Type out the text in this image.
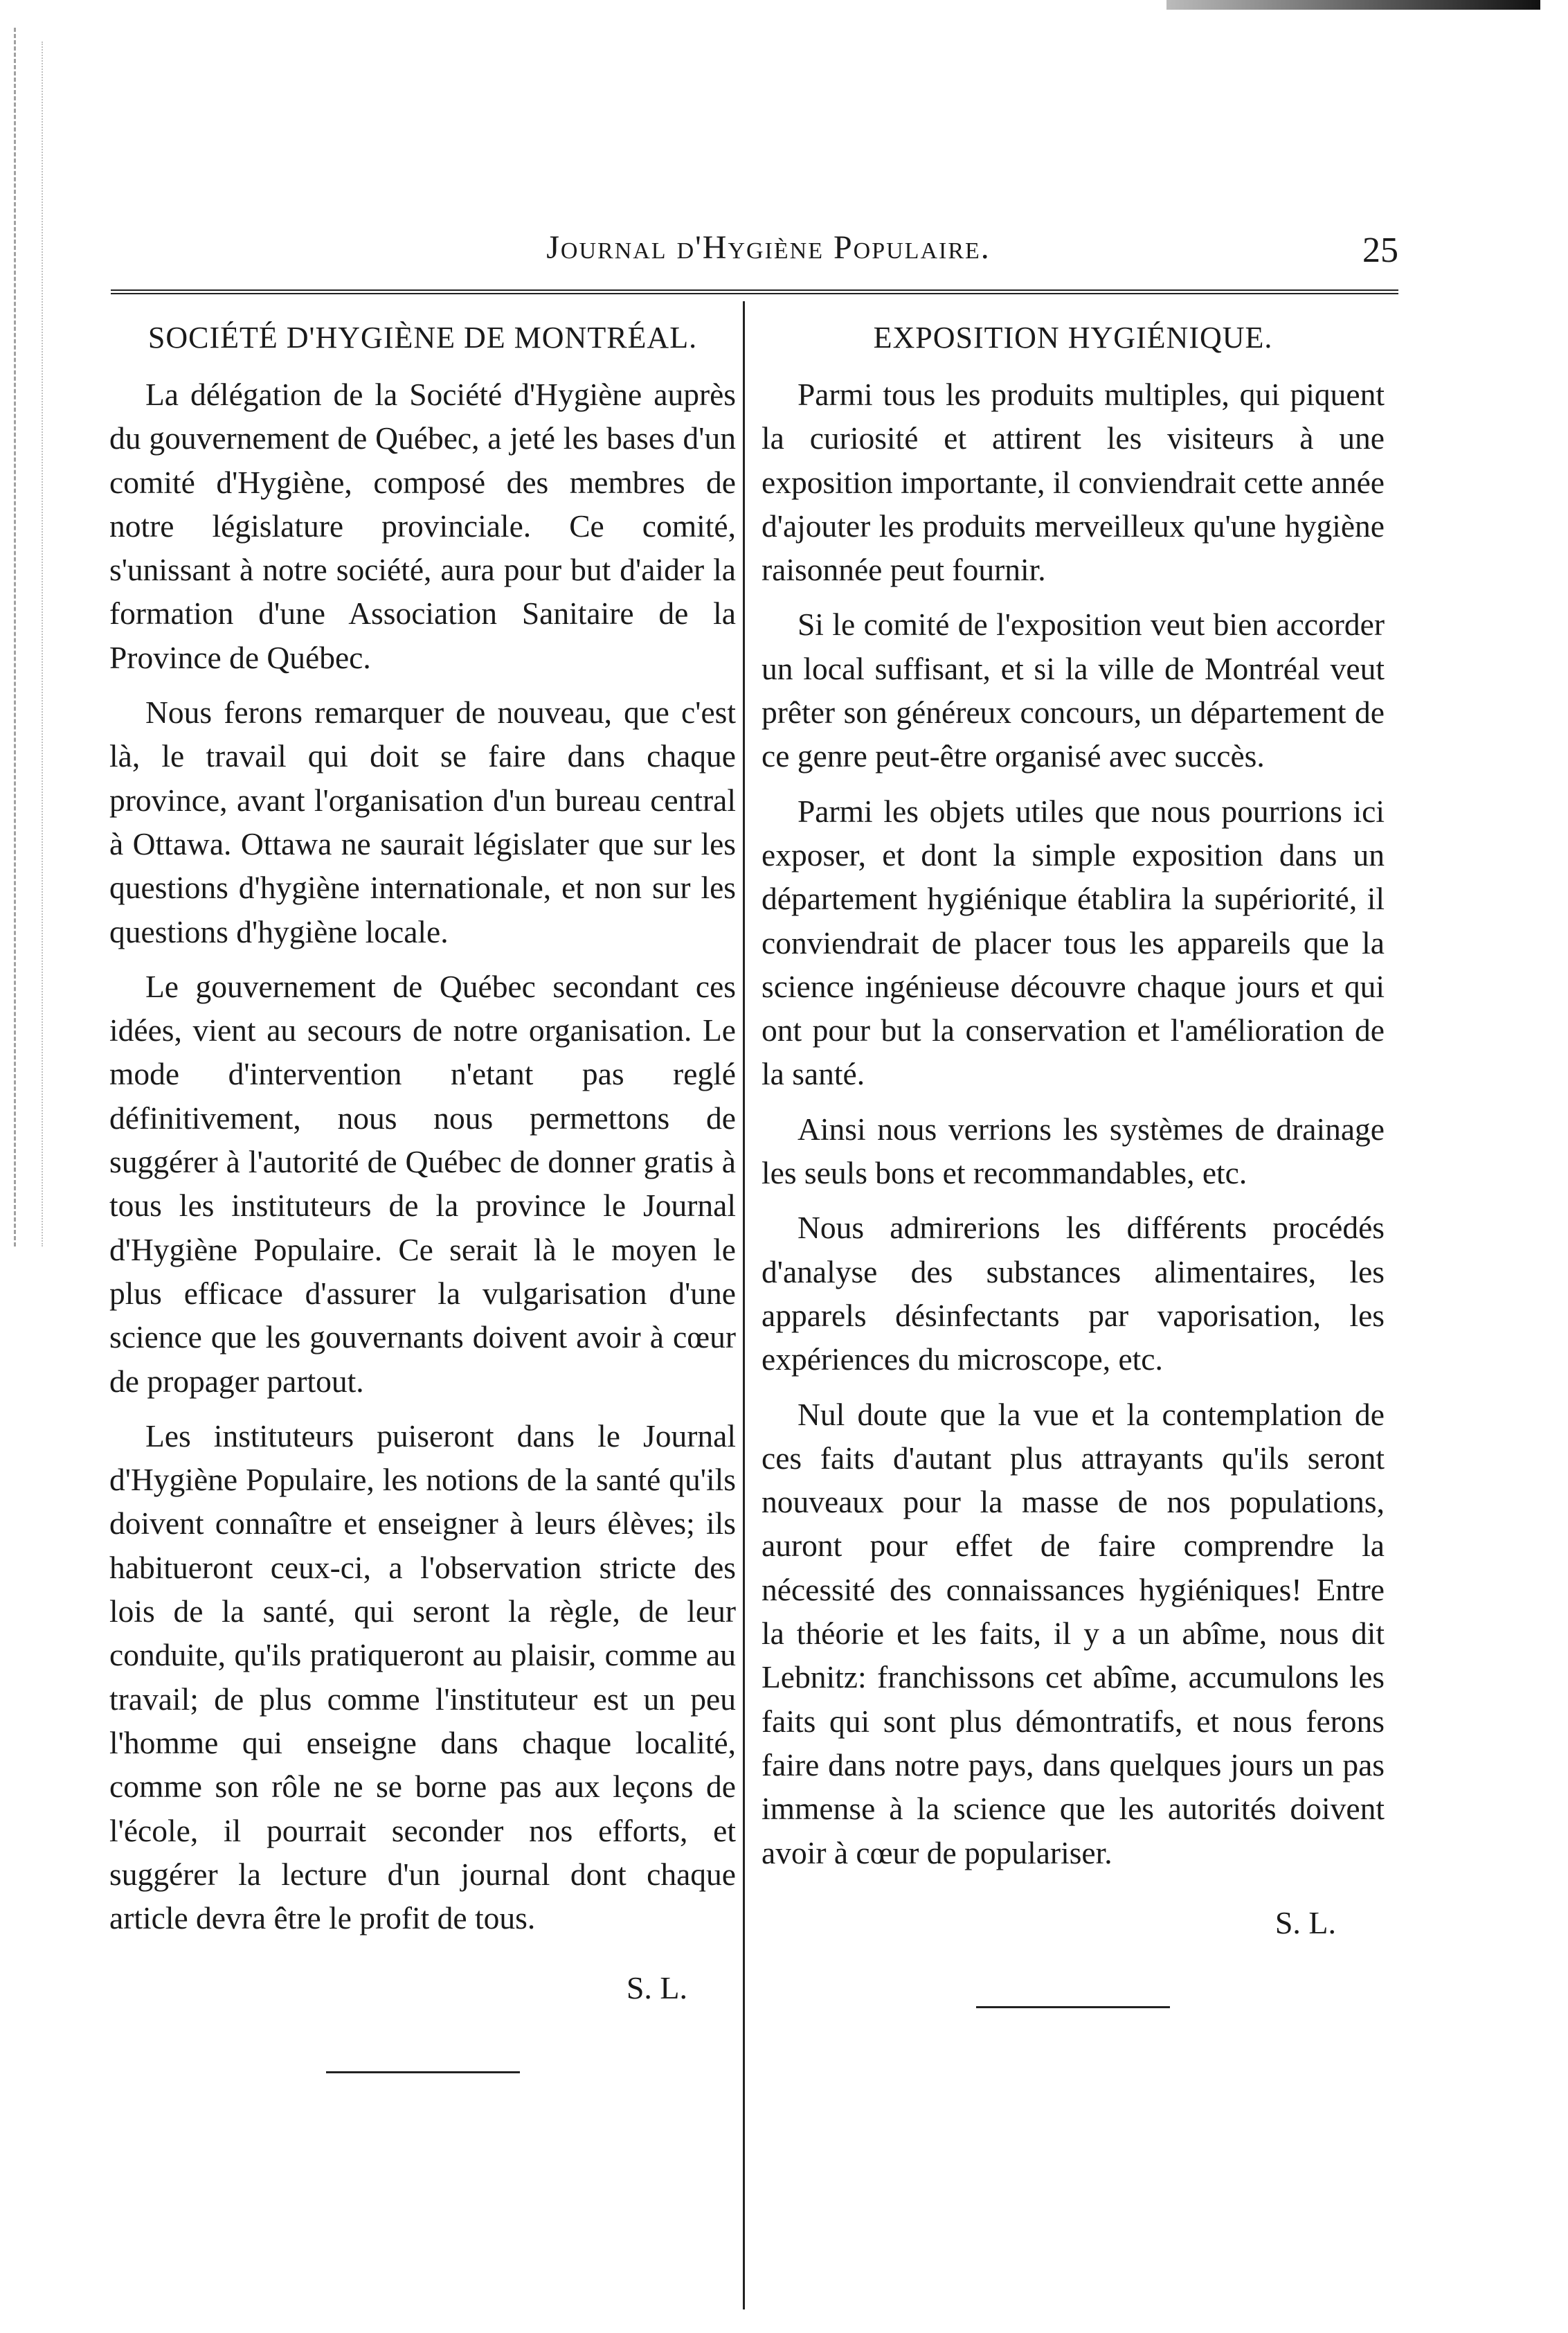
Journal d'Hygiène Populaire.	25
SOCIÉTÉ D'HYGIÈNE DE MONTRÉAL.

La délégation de la Société d'Hygiène auprès du gouvernement de Québec, a jeté les bases d'un comité d'Hygiène, composé des membres de notre législature provinciale. Ce comité, s'unissant à notre société, aura pour but d'aider la formation d'une Association Sanitaire de la Province de Québec.

Nous ferons remarquer de nouveau, que c'est là, le travail qui doit se faire dans chaque province, avant l'organisation d'un bureau central à Ottawa. Ottawa ne saurait législater que sur les questions d'hygiène internationale, et non sur les questions d'hygiène locale.

Le gouvernement de Québec secondant ces idées, vient au secours de notre organisation. Le mode d'intervention n'etant pas reglé définitivement, nous nous permettons de suggérer à l'autorité de Québec de donner gratis à tous les instituteurs de la province le Journal d'Hygiène Populaire. Ce serait là le moyen le plus efficace d'assurer la vulgarisation d'une science que les gouvernants doivent avoir à cœur de propager partout.

Les instituteurs puiseront dans le Journal d'Hygiène Populaire, les notions de la santé qu'ils doivent connaître et enseigner à leurs élèves; ils habitueront ceux-ci, a l'observation stricte des lois de la santé, qui seront la règle, de leur conduite, qu'ils pratiqueront au plaisir, comme au travail; de plus comme l'instituteur est un peu l'homme qui enseigne dans chaque localité, comme son rôle ne se borne pas aux leçons de l'école, il pourrait seconder nos efforts, et suggérer la lecture d'un journal dont chaque article devra être le profit de tous.

S. L.
EXPOSITION HYGIÉNIQUE.

Parmi tous les produits multiples, qui piquent la curiosité et attirent les visiteurs à une exposition importante, il conviendrait cette année d'ajouter les produits merveilleux qu'une hygiène raisonnée peut fournir.

Si le comité de l'exposition veut bien accorder un local suffisant, et si la ville de Montréal veut prêter son généreux concours, un département de ce genre peut-être organisé avec succès.

Parmi les objets utiles que nous pourrions ici exposer, et dont la simple exposition dans un département hygiénique établira la supériorité, il conviendrait de placer tous les appareils que la science ingénieuse découvre chaque jours et qui ont pour but la conservation et l'amélioration de la santé.

Ainsi nous verrions les systèmes de drainage les seuls bons et recommandables, etc.

Nous admirerions les différents procédés d'analyse des substances alimentaires, les apparels désinfectants par vaporisation, les expériences du microscope, etc.

Nul doute que la vue et la contemplation de ces faits d'autant plus attrayants qu'ils seront nouveaux pour la masse de nos populations, auront pour effet de faire comprendre la nécessité des connaissances hygiéniques! Entre la théorie et les faits, il y a un abîme, nous dit Lebnitz: franchissons cet abîme, accumulons les faits qui sont plus démontratifs, et nous ferons faire dans notre pays, dans quelques jours un pas immense à la science que les autorités doivent avoir à cœur de populariser.

S. L.
